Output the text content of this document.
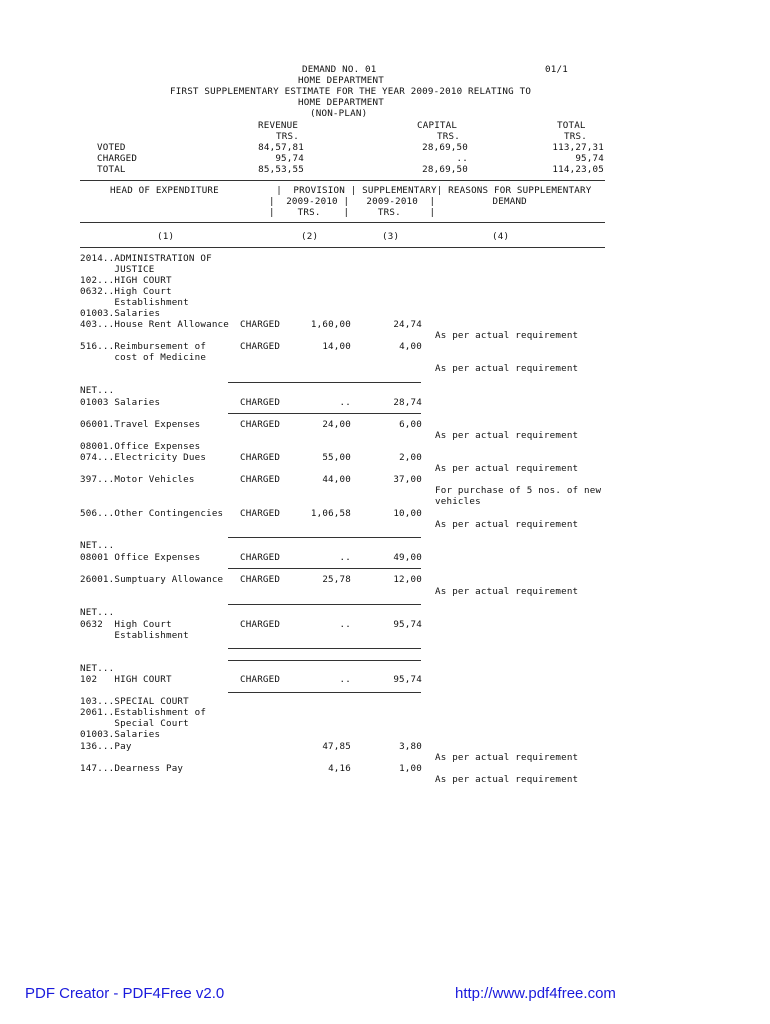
DEMAND NO. 01	01/1
HOME DEPARTMENT
FIRST SUPPLEMENTARY ESTIMATE FOR THE YEAR 2009-2010 RELATING TO
HOME DEPARTMENT
(NON-PLAN)
REVENUE	CAPITAL	TOTAL
TRS.	TRS.	TRS.
VOTED	84,57,81	28,69,50	113,27,31
CHARGED	95,74	..	95,74
TOTAL	85,53,55	28,69,50	114,23,05
HEAD OF EXPENDITURE          |  PROVISION | SUPPLEMENTARY| REASONS FOR SUPPLEMENTARY
|  2009-2010 |   2009-2010  |          DEMAND
|    TRS.    |     TRS.     |
(1)	(2)	(3)	(4)
2014..ADMINISTRATION OF
JUSTICE
102...HIGH COURT
0632..High Court
Establishment
01003.Salaries
403...House Rent Allowance CHARGED	1,60,00	24,74
As per actual requirement
516...Reimbursement of	CHARGED	14,00	4,00
cost of Medicine
As per actual requirement
NET...
01003 Salaries	CHARGED	..	28,74
06001.Travel Expenses	CHARGED	24,00	6,00
As per actual requirement
08001.Office Expenses
074...Electricity Dues	CHARGED	55,00	2,00
As per actual requirement
397...Motor Vehicles	CHARGED	44,00	37,00
For purchase of 5 nos. of new
vehicles
506...Other Contingencies CHARGED	1,06,58	10,00
As per actual requirement
NET...
08001 Office Expenses	CHARGED	..	49,00
26001.Sumptuary Allowance CHARGED	25,78	12,00
As per actual requirement
NET...
0632  High Court	CHARGED	..	95,74
Establishment
NET...
102   HIGH COURT	CHARGED	..	95,74
103...SPECIAL COURT
2061..Establishment of
Special Court
01003.Salaries
136...Pay	47,85	3,80
As per actual requirement
147...Dearness Pay	4,16	1,00
As per actual requirement
PDF Creator - PDF4Free v2.0	http://www.pdf4free.com
